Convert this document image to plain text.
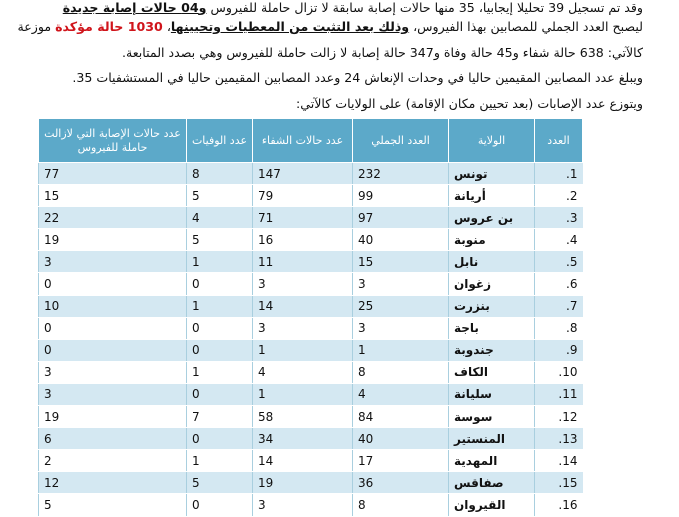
وقد تم تسجيل 39 تحليلا إيجابيا، 35 منها حالات إصابة سابقة لا تزال حاملة للفيروس و04 حالات إصابة جديدة
ليصبح العدد الجملي للمصابين بهذا الفيروس، وذلك بعد التثبت من المعطيات وتحيينها، 1030 حالة مؤكدة موزعة
كالآتي: 638 حالة شفاء و45 حالة وفاة و347 حالة إصابة لا زالت حاملة للفيروس وهي بصدد المتابعة.
ويبلغ عدد المصابين المقيمين حاليا في وحدات الإنعاش 24 وعدد المصابين المقيمين حاليا في المستشفيات 35.
ويتوزع عدد الإصابات (بعد تحيين مكان الإقامة) على الولايات كالآتي:
العدد	الولاية	العدد الجملي	عدد حالات الشفاء	عدد الوفيات	عدد حالات الإصابة التي لازالت حاملة للفيروس
1.	تونس	232	147	8	77
2.	أريانة	99	79	5	15
3.	بن عروس	97	71	4	22
4.	منوبة	40	16	5	19
5.	نابل	15	11	1	3
6.	زغوان	3	3	0	0
7.	بنزرت	25	14	1	10
8.	باجة	3	3	0	0
9.	جندوبة	1	1	0	0
10.	الكاف	8	4	1	3
11.	سليانة	4	1	0	3
12.	سوسة	84	58	7	19
13.	المنستير	40	34	0	6
14.	المهدية	17	14	1	2
15.	صفاقس	36	19	5	12
16.	القيروان	8	3	0	5
